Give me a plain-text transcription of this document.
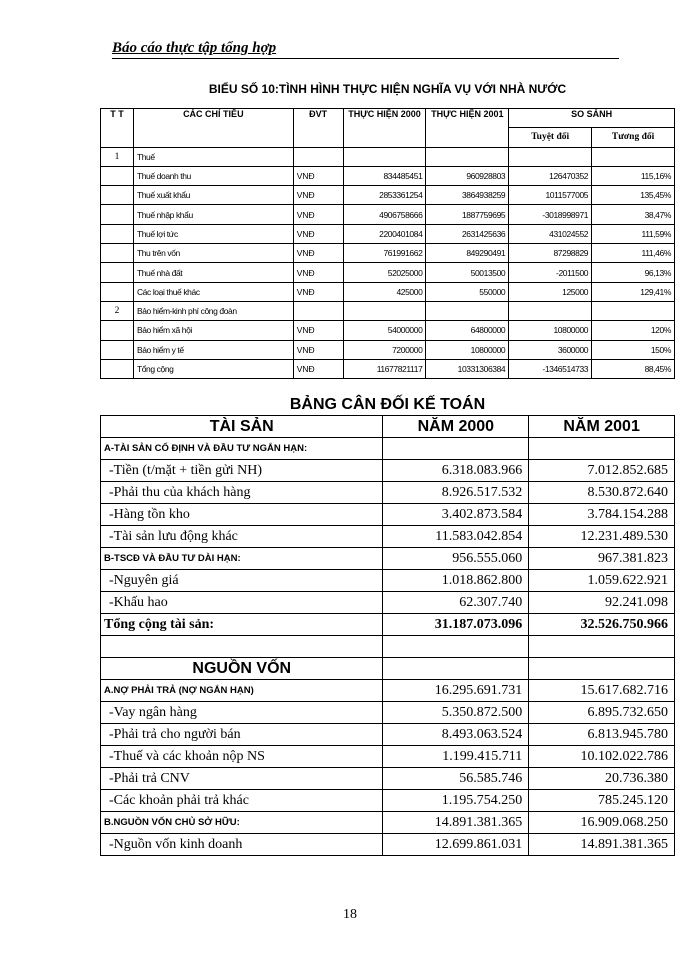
Báo cáo thực tập tổng hợp
BIỂU SỐ 10:TÌNH HÌNH THỰC HIỆN NGHĨA VỤ VỚI NHÀ NƯỚC
T T	CÁC CHỈ TIÊU	ĐVT	THỰC HIỆN 2000	THỰC HIỆN 2001	SO SÁNH	
					Tuyệt đối	Tương đối
1	Thuế					
	Thuế doanh thu	VNĐ	834485451	960928803	126470352	115,16%
	Thuế xuất khẩu	VNĐ	2853361254	3864938259	1011577005	135,45%
	Thuế nhập khẩu	VNĐ	4906758666	1887759695	-3018998971	38,47%
	Thuế lợi tức	VNĐ	2200401084	2631425636	431024552	111,59%
	Thu trên vốn	VNĐ	761991662	849290491	87298829	111,46%
	Thuế nhà đất	VNĐ	52025000	50013500	-2011500	96,13%
	Các loại thuế khác	VNĐ	425000	550000	125000	129,41%
2	Bảo hiểm-kinh phí công đoàn					
	Bảo hiểm xã hội	VNĐ	54000000	64800000	10800000	120%
	Bảo hiểm y tế	VNĐ	7200000	10800000	3600000	150%
	Tổng cộng	VNĐ	11677821117	10331306384	-1346514733	88,45%
BẢNG CÂN ĐỐI KẾ TOÁN
TÀI SẢN	NĂM 2000	NĂM 2001
A-TÀI SẢN CỐ ĐỊNH VÀ ĐẦU TƯ NGẮN HẠN:		
-Tiền (t/mặt + tiền gửi NH)	6.318.083.966	7.012.852.685
-Phải thu của khách hàng	8.926.517.532	8.530.872.640
-Hàng tồn kho	3.402.873.584	3.784.154.288
-Tài sản lưu động khác	11.583.042.854	12.231.489.530
B-TSCĐ VÀ ĐẦU TƯ DÀI HẠN:	956.555.060	967.381.823
-Nguyên giá	1.018.862.800	1.059.622.921
-Khấu hao	62.307.740	92.241.098
Tổng cộng tài sản:	31.187.073.096	32.526.750.966

NGUỒN VỐN		
A.NỢ PHẢI TRẢ (NỢ NGẮN HẠN)	16.295.691.731	15.617.682.716
-Vay ngân hàng	5.350.872.500	6.895.732.650
-Phải trả cho người bán	8.493.063.524	6.813.945.780
-Thuế và các khoản nộp NS	1.199.415.711	10.102.022.786
-Phải trả CNV	56.585.746	20.736.380
-Các khoản phải trả khác	1.195.754.250	785.245.120
B.NGUỒN VỐN CHỦ SỞ HỮU:	14.891.381.365	16.909.068.250
-Nguồn vốn kinh doanh	12.699.861.031	14.891.381.365
18
